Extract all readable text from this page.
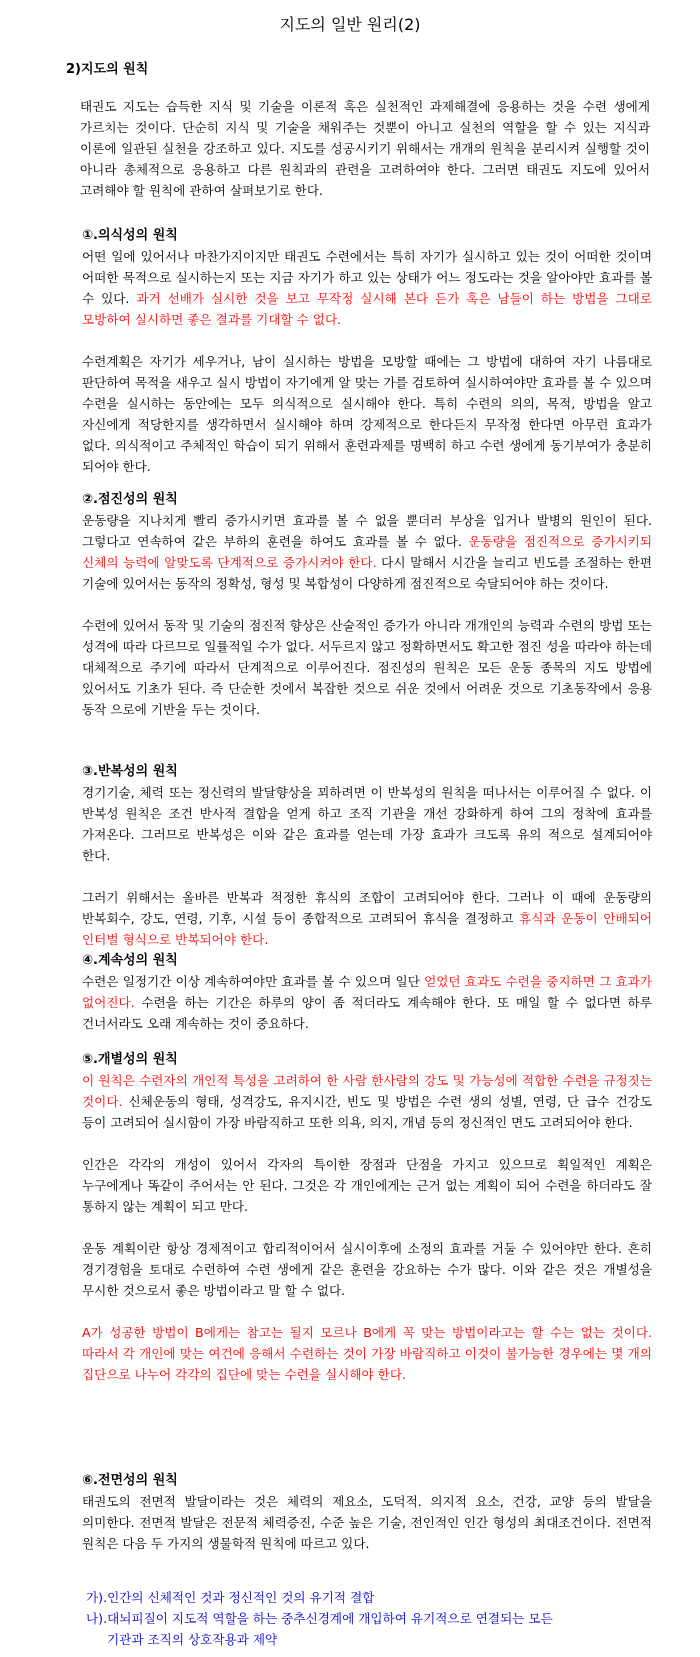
지도의 일반 원리(2)
2)지도의 원칙
태권도 지도는 습득한 지식 및 기술을 이론적 혹은 실천적인 과제해결에 응용하는 것을 수련 생에게 가르치는 것이다. 단순히 지식 및 기술을 채워주는 것뿐이 아니고 실천의 역할을 할 수 있는 지식과 이론에 일관된 실천을 강조하고 있다. 지도를 성공시키기 위해서는 개개의 원칙을 분리시켜 실행할 것이 아니라 총체적으로 응용하고 다른 원칙과의 관련을 고려하여야 한다. 그러면 태권도 지도에 있어서 고려해야 할 원칙에 관하여 살펴보기로 한다.

①.의식성의 원칙

어떤 일에 있어서나 마찬가지이지만 태권도 수련에서는 특히 자기가 실시하고 있는 것이 어떠한 것이며 어떠한 목적으로 실시하는지 또는 지금 자기가 하고 있는 상태가 어느 정도라는 것을 알아야만 효과를 볼 수 있다. 과거 선배가 실시한 것을 보고 무작정 실시해 본다 든가 혹은 남들이 하는 방법을 그대로 모방하여 실시하면 좋은 결과를 기대할 수 없다.

수련계획은 자기가 세우거나, 남이 실시하는 방법을 모방할 때에는 그 방법에 대하여 자기 나름대로 판단하여 목적을 새우고 실시 방법이 자기에게 알 맞는 가를 검토하여 실시하여야만 효과를 볼 수 있으며 수련을 실시하는 동안에는 모두 의식적으로 실시해야 한다. 특히 수련의 의의, 목적, 방법을 알고 자신에게 적당한지를 생각하면서 실시해야 하며 강제적으로 한다든지 무작정 한다면 아무런 효과가 없다. 의식적이고 주체적인 학습이 되기 위해서 훈련과제를 명백히 하고 수련 생에게 동기부여가 충분히 되어야 한다.

②.점진성의 원칙

운동량을 지나치게 빨리 증가시키면 효과를 볼 수 없을 뿐더러 부상을 입거나 발병의 원인이 된다. 그렇다고 연속하여 같은 부하의 훈련을 하여도 효과를 볼 수 없다. 운동량을 점진적으로 증가시키되 신체의 능력에 알맞도록 단계적으로 증가시켜야 한다. 다시 말해서 시간을 늘리고 빈도를 조절하는 한편 기술에 있어서는 동작의 정확성, 형성 및 복합성이 다양하게 점진적으로 숙달되어야 하는 것이다.

수련에 있어서 동작 및 기술의 점진적 향상은 산술적인 증가가 아니라 개개인의 능력과 수련의 방법 또는 성격에 따라 다르므로 일률적일 수가 없다. 서두르지 않고 정확하면서도 확고한 점진 성을 따라야 하는데 대체적으로 주기에 따라서 단계적으로 이루어진다. 점진성의 원칙은 모든 운동 종목의 지도 방법에 있어서도 기초가 된다. 즉 단순한 것에서 복잡한 것으로 쉬운 것에서 어려운 것으로 기초동작에서 응용 동작 으로에 기반을 두는 것이다.

③.반복성의 원칙

경기기술, 체력 또는 정신력의 발달향상을 꾀하려면 이 반복성의 원칙을 떠나서는 이루어질 수 없다. 이 반복성 원칙은 조건 반사적 결합을 얻게 하고 조직 기관을 개선 강화하게 하여 그의 정착에 효과를 가져온다. 그러므로 반복성은 이와 같은 효과를 얻는데 가장 효과가 크도록 유의 적으로 설계되어야 한다.

그러기 위해서는 올바른 반복과 적정한 휴식의 조합이 고려되어야 한다. 그러나 이 때에 운동량의 반복회수, 강도, 연령, 기후, 시설 등이 종합적으로 고려되어 휴식을 결정하고 휴식과 운동이 안배되어 인터벌 형식으로 반복되어야 한다.

④.계속성의 원칙

수련은 일정기간 이상 계속하여야만 효과를 볼 수 있으며 일단 얻었던 효과도 수련을 중지하면 그 효과가 없어진다. 수련을 하는 기간은 하루의 양이 좀 적더라도 계속해야 한다. 또 매일 할 수 없다면 하루 건너서라도 오래 계속하는 것이 중요하다.

⑤.개별성의 원칙

이 원칙은 수련자의 개인적 특성을 고려하여 한 사람 한사람의 강도 및 가능성에 적합한 수련을 규정짓는 것이다. 신체운동의 형태, 성격강도, 유지시간, 빈도 및 방법은 수련 생의 성별, 연령, 단 급수 건강도 등이 고려되어 실시함이 가장 바람직하고 또한 의욕, 의지, 개념 등의 정신적인 면도 고려되어야 한다.

인간은 각각의 개성이 있어서 각자의 특이한 장점과 단점을 가지고 있으므로 획일적인 계획은 누구에게나 똑같이 주어서는 안 된다. 그것은 각 개인에게는 근거 없는 계획이 되어 수련을 하더라도 잘 통하지 않는 계획이 되고 만다.

운동 계획이란 항상 경제적이고 합리적이어서 실시이후에 소정의 효과를 거둘 수 있어야만 한다. 흔히 경기경험을 토대로 수련하여 수련 생에게 같은 훈련을 강요하는 수가 많다. 이와 같은 것은 개별성을 무시한 것으로서 좋은 방법이라고 말 할 수 없다.

A가 성공한 방법이 B에게는 참고는 될지 모르나 B에게 꼭 맞는 방법이라고는 할 수는 없는 것이다. 따라서 각 개인에 맞는 여건에 응해서 수련하는 것이 가장 바람직하고 이것이 불가능한 경우에는 몇 개의 집단으로 나누어 각각의 집단에 맞는 수련을 실시해야 한다.

⑥.전면성의 원칙

태권도의 전면적 발달이라는 것은 체력의 제요소, 도덕적. 의지적 요소, 건강, 교양 등의 발달을 의미한다. 전면적 발달은 전문적 체력증진, 수준 높은 기술, 전인적인 인간 형성의 최대조건이다. 전면적 원칙은 다음 두 가지의 생물학적 원칙에 따르고 있다.

가).인간의 신체적인 것과 정신적인 것의 유기적 결합

나).대뇌피질이 지도적 역할을 하는 중추신경계에 개입하여 유기적으로 연결되는 모든
기관과 조직의 상호작용과 제약
